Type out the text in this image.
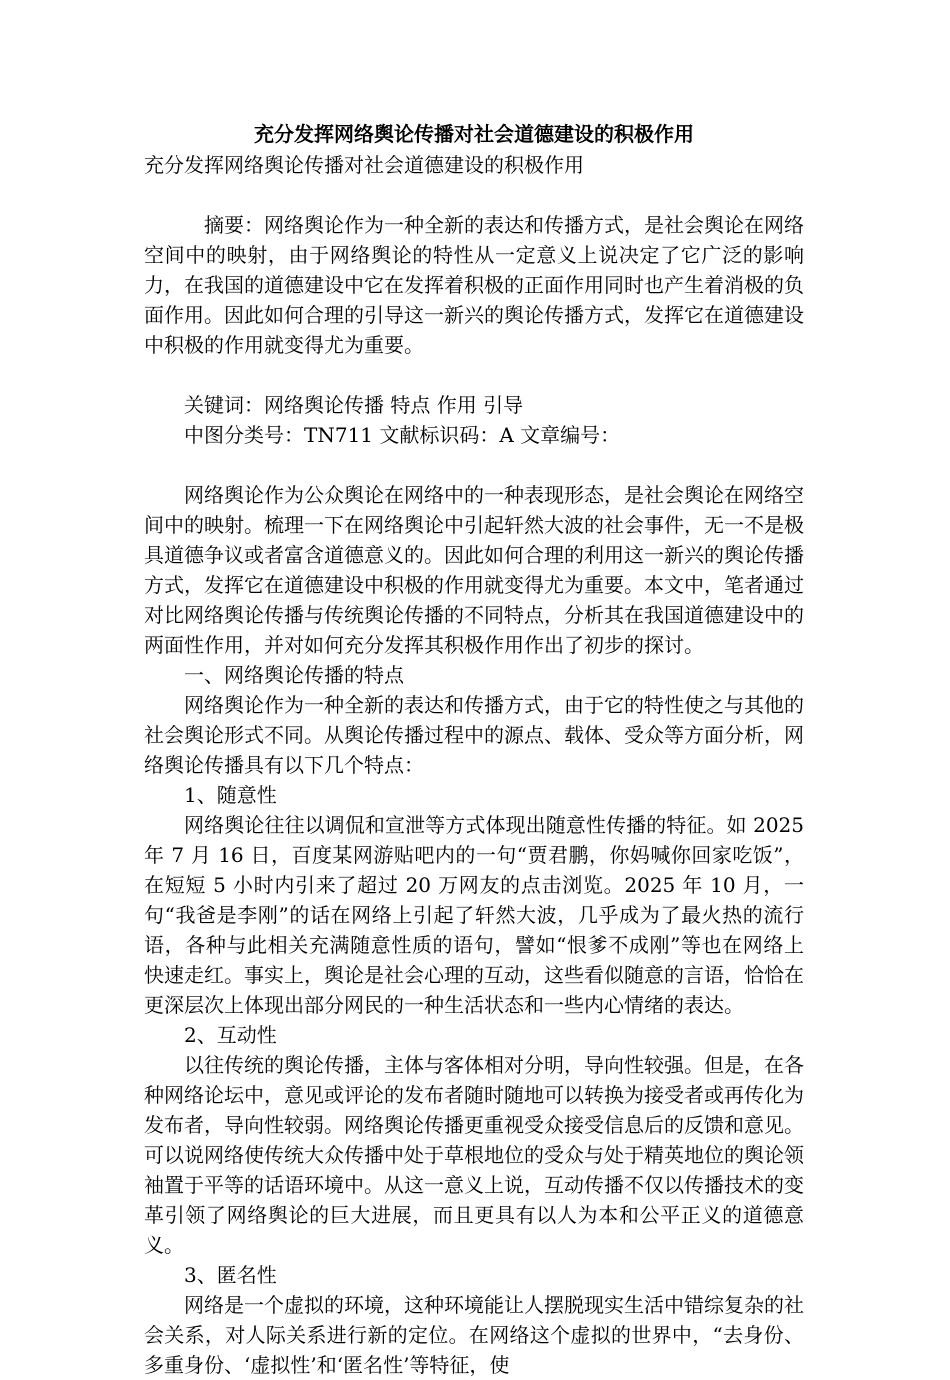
充分发挥网络舆论传播对社会道德建设的积极作用

充分发挥网络舆论传播对社会道德建设的积极作用

摘要：网络舆论作为一种全新的表达和传播方式，是社会舆论在网络空间中的映射，由于网络舆论的特性从一定意义上说决定了它广泛的影响力，在我国的道德建设中它在发挥着积极的正面作用同时也产生着消极的负面作用。因此如何合理的引导这一新兴的舆论传播方式，发挥它在道德建设中积极的作用就变得尤为重要。

关键词：网络舆论传播 特点 作用 引导

中图分类号：TN711 文献标识码：A 文章编号：

网络舆论作为公众舆论在网络中的一种表现形态，是社会舆论在网络空间中的映射。梳理一下在网络舆论中引起轩然大波的社会事件，无一不是极具道德争议或者富含道德意义的。因此如何合理的利用这一新兴的舆论传播方式，发挥它在道德建设中积极的作用就变得尤为重要。本文中，笔者通过对比网络舆论传播与传统舆论传播的不同特点，分析其在我国道德建设中的两面性作用，并对如何充分发挥其积极作用作出了初步的探讨。

一、网络舆论传播的特点

网络舆论作为一种全新的表达和传播方式，由于它的特性使之与其他的社会舆论形式不同。从舆论传播过程中的源点、载体、受众等方面分析，网络舆论传播具有以下几个特点：

1、随意性

网络舆论往往以调侃和宣泄等方式体现出随意性传播的特征。如 2025 年 7 月 16 日，百度某网游贴吧内的一句“贾君鹏，你妈喊你回家吃饭”，在短短 5 小时内引来了超过 20 万网友的点击浏览。2025 年 10 月，一句“我爸是李刚”的话在网络上引起了轩然大波，几乎成为了最火热的流行语，各种与此相关充满随意性质的语句，譬如“恨爹不成刚”等也在网络上快速走红。事实上，舆论是社会心理的互动，这些看似随意的言语，恰恰在更深层次上体现出部分网民的一种生活状态和一些内心情绪的表达。

2、互动性

以往传统的舆论传播，主体与客体相对分明，导向性较强。但是，在各种网络论坛中，意见或评论的发布者随时随地可以转换为接受者或再传化为发布者，导向性较弱。网络舆论传播更重视受众接受信息后的反馈和意见。可以说网络使传统大众传播中处于草根地位的受众与处于精英地位的舆论领袖置于平等的话语环境中。从这一意义上说，互动传播不仅以传播技术的变革引领了网络舆论的巨大进展，而且更具有以人为本和公平正义的道德意义。

3、匿名性

网络是一个虚拟的环境，这种环境能让人摆脱现实生活中错综复杂的社会关系，对人际关系进行新的定位。在网络这个虚拟的世界中，“去身份、多重身份、‘虚拟性’和‘匿名性’等特征，使
